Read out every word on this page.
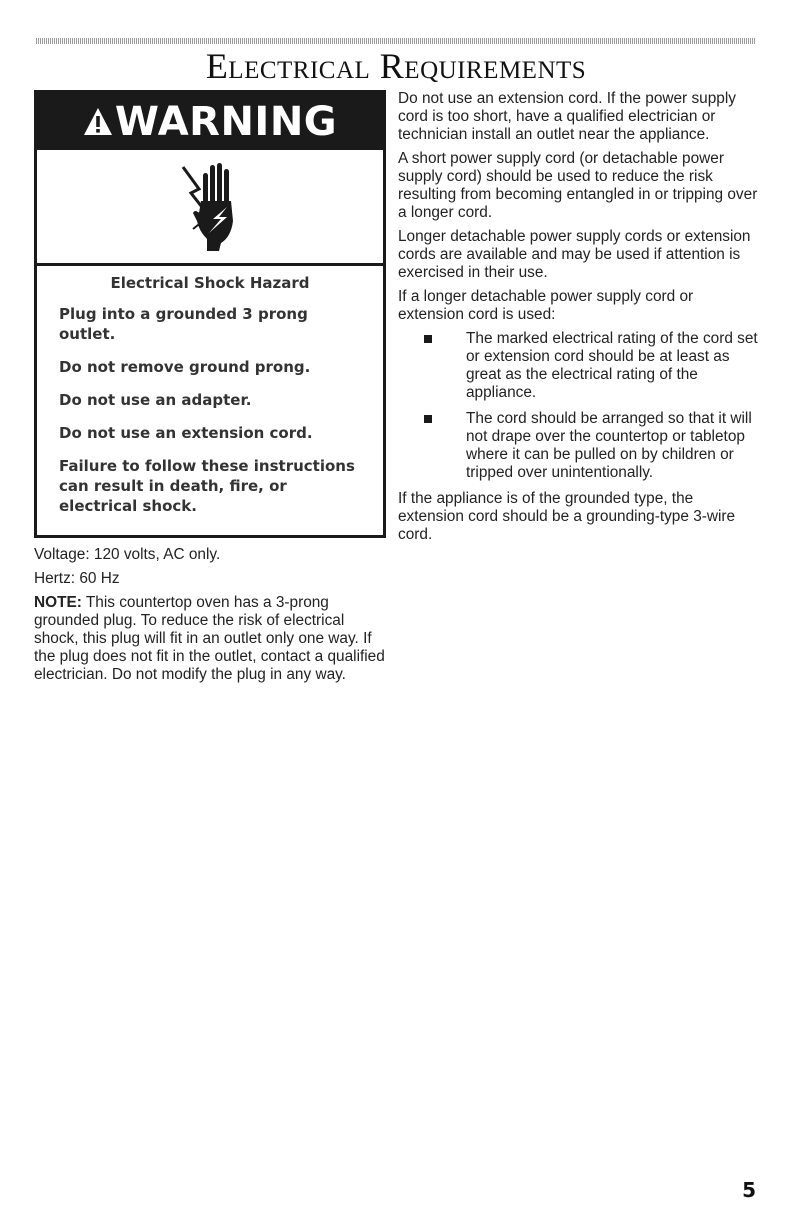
Electrical Requirements
WARNING

Electrical Shock Hazard

Plug into a grounded 3 prong outlet.

Do not remove ground prong.

Do not use an adapter.

Do not use an extension cord.

Failure to follow these instructions can result in death, fire, or electrical shock.

Voltage: 120 volts, AC only.

Hertz: 60 Hz

NOTE: This countertop oven has a 3-prong grounded plug. To reduce the risk of electrical shock, this plug will fit in an outlet only one way. If the plug does not fit in the outlet, contact a qualified electrician. Do not modify the plug in any way.

Do not use an extension cord. If the power supply cord is too short, have a qualified electrician or technician install an outlet near the appliance.

A short power supply cord (or detachable power supply cord) should be used to reduce the risk resulting from becoming entangled in or tripping over a longer cord.

Longer detachable power supply cords or extension cords are available and may be used if attention is exercised in their use.

If a longer detachable power supply cord or extension cord is used:

The marked electrical rating of the cord set or extension cord should be at least as great as the electrical rating of the appliance.
The cord should be arranged so that it will not drape over the countertop or tabletop where it can be pulled on by children or tripped over unintentionally.

If the appliance is of the grounded type, the extension cord should be a grounding-type 3-wire cord.

5
